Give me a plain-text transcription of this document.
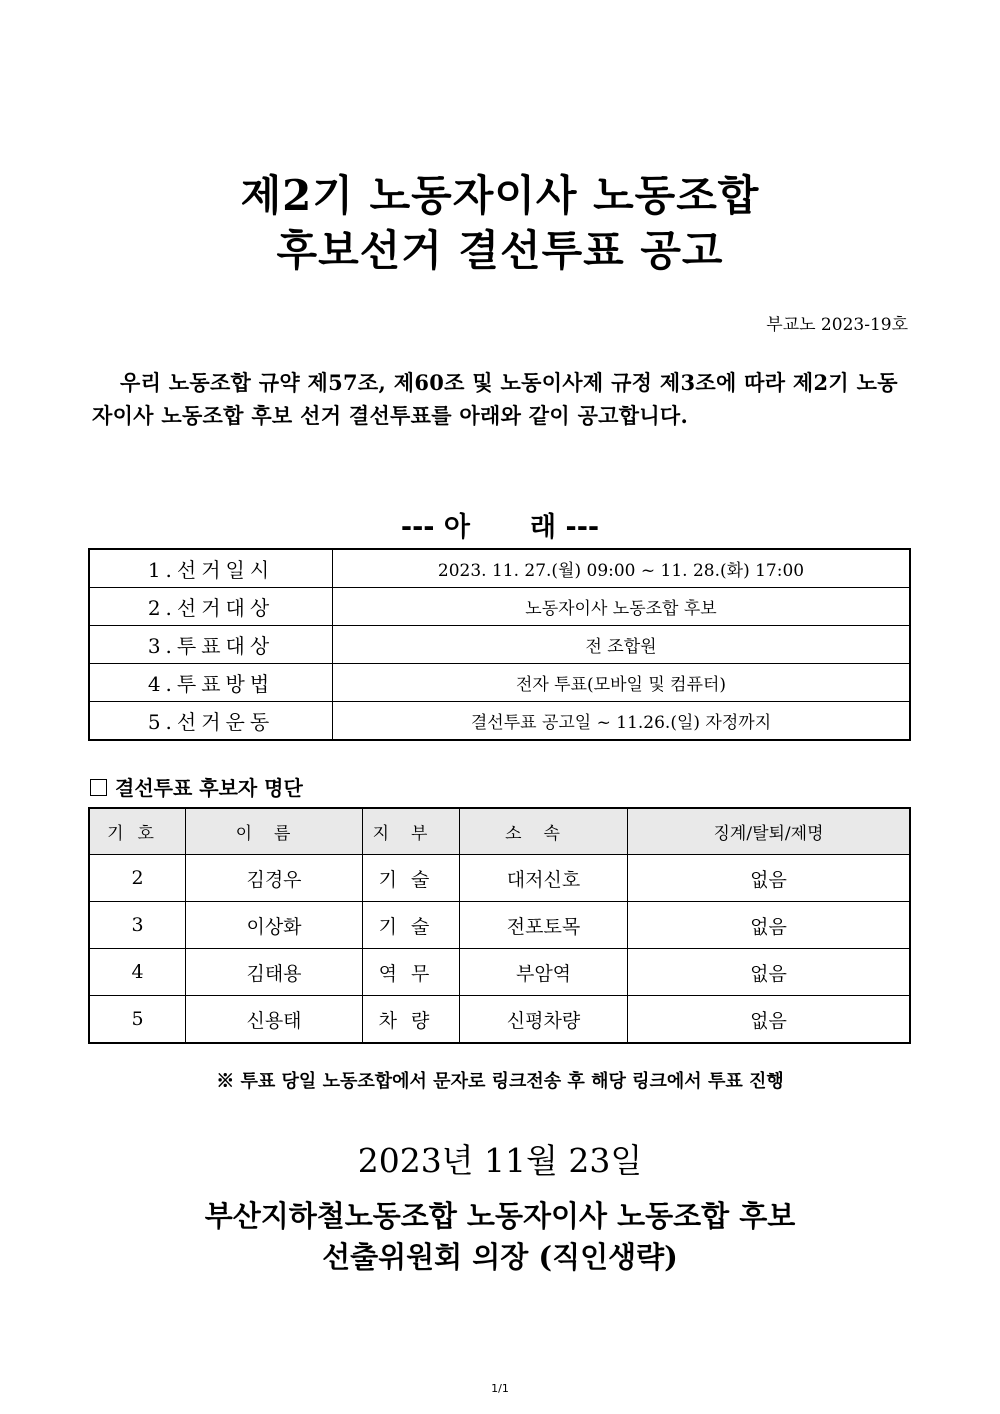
제2기 노동자이사 노동조합
후보선거 결선투표 공고
부교노 2023-19호
우리 노동조합 규약 제57조, 제60조 및 노동이사제 규정 제3조에 따라 제2기 노동자이사 노동조합 후보 선거 결선투표를 아래와 같이 공고합니다.
--- 아 래 ---
1.선거일시	2023. 11. 27.(월) 09:00 ~ 11. 28.(화) 17:00
2.선거대상	노동자이사 노동조합 후보
3.투표대상	전 조합원
4.투표방법	전자 투표(모바일 및 컴퓨터)
5.선거운동	결선투표 공고일 ~ 11.26.(일) 자정까지
결선투표 후보자 명단
기호	이름	지부	소속	징계/탈퇴/제명
2	김경우	기술	대저신호	없음
3	이상화	기술	전포토목	없음
4	김태용	역무	부암역	없음
5	신용태	차량	신평차량	없음
※ 투표 당일 노동조합에서 문자로 링크전송 후 해당 링크에서 투표 진행
2023년 11월 23일
부산지하철노동조합 노동자이사 노동조합 후보
선출위원회 의장 (직인생략)
1/1
